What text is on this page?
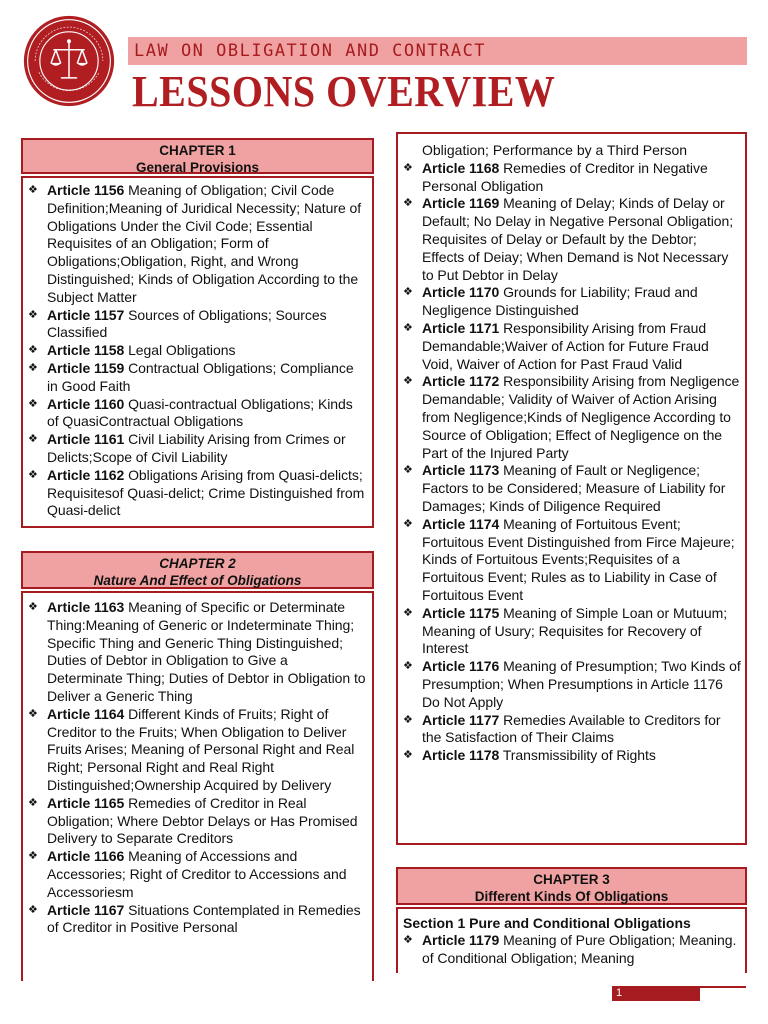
LAW ON OBLIGATION AND CONTRACT
LESSONS OVERVIEW
CHAPTER 1
General Provisions
❖ Article 1156 Meaning of Obligation; Civil Code Definition;Meaning of Juridical Necessity; Nature of Obligations Under the Civil Code; Essential Requisites of an Obligation; Form of Obligations;Obligation, Right, and Wrong Distinguished; Kinds of Obligation According to the Subject Matter
❖ Article 1157 Sources of Obligations; Sources Classified
❖ Article 1158 Legal Obligations
❖ Article 1159 Contractual Obligations; Compliance in Good Faith
❖ Article 1160 Quasi-contractual Obligations; Kinds of QuasiContractual Obligations
❖ Article 1161 Civil Liability Arising from Crimes or Delicts;Scope of Civil Liability
❖ Article 1162 Obligations Arising from Quasi-delicts; Requisitesof Quasi-delict; Crime Distinguished from Quasi-delict
CHAPTER 2
Nature And Effect of Obligations
❖ Article 1163 Meaning of Specific or Determinate Thing:Meaning of Generic or Indeterminate Thing; Specific Thing and Generic Thing Distinguished; Duties of Debtor in Obligation to Give a Determinate Thing; Duties of Debtor in Obligation to Deliver a Generic Thing
❖ Article 1164 Different Kinds of Fruits; Right of Creditor to the Fruits; When Obligation to Deliver Fruits Arises; Meaning of Personal Right and Real Right; Personal Right and Real Right Distinguished;Ownership Acquired by Delivery
❖ Article 1165 Remedies of Creditor in Real Obligation; Where Debtor Delays or Has Promised Delivery to Separate Creditors
❖ Article 1166 Meaning of Accessions and Accessories; Right of Creditor to Accessions and Accessoriesm
❖ Article 1167 Situations Contemplated in Remedies of Creditor in Positive Personal
Obligation; Performance by a Third Person
❖ Article 1168 Remedies of Creditor in Negative Personal Obligation
❖ Article 1169 Meaning of Delay; Kinds of Delay or Default; No Delay in Negative Personal Obligation; Requisites of Delay or Default by the Debtor; Effects of Deiay; When Demand is Not Necessary to Put Debtor in Delay
❖ Article 1170 Grounds for Liability; Fraud and Negligence Distinguished
❖ Article 1171 Responsibility Arising from Fraud Demandable;Waiver of Action for Future Fraud Void, Waiver of Action for Past Fraud Valid
❖ Article 1172 Responsibility Arising from Negligence Demandable; Validity of Waiver of Action Arising from Negligence;Kinds of Negligence According to Source of Obligation; Effect of Negligence on the Part of the Injured Party
❖ Article 1173 Meaning of Fault or Negligence; Factors to be Considered; Measure of Liability for Damages; Kinds of Diligence Required
❖ Article 1174 Meaning of Fortuitous Event; Fortuitous Event Distinguished from Firce Majeure; Kinds of Fortuitous Events;Requisites of a Fortuitous Event; Rules as to Liability in Case of Fortuitous Event
❖ Article 1175 Meaning of Simple Loan or Mutuum; Meaning of Usury; Requisites for Recovery of Interest
❖ Article 1176 Meaning of Presumption; Two Kinds of Presumption; When Presumptions in Article 1176 Do Not Apply
❖ Article 1177 Remedies Available to Creditors for the Satisfaction of Their Claims
❖ Article 1178 Transmissibility of Rights
CHAPTER 3
Different Kinds Of Obligations
Section 1 Pure and Conditional Obligations
❖ Article 1179 Meaning of Pure Obligation; Meaning. of Conditional Obligation; Meaning
1
